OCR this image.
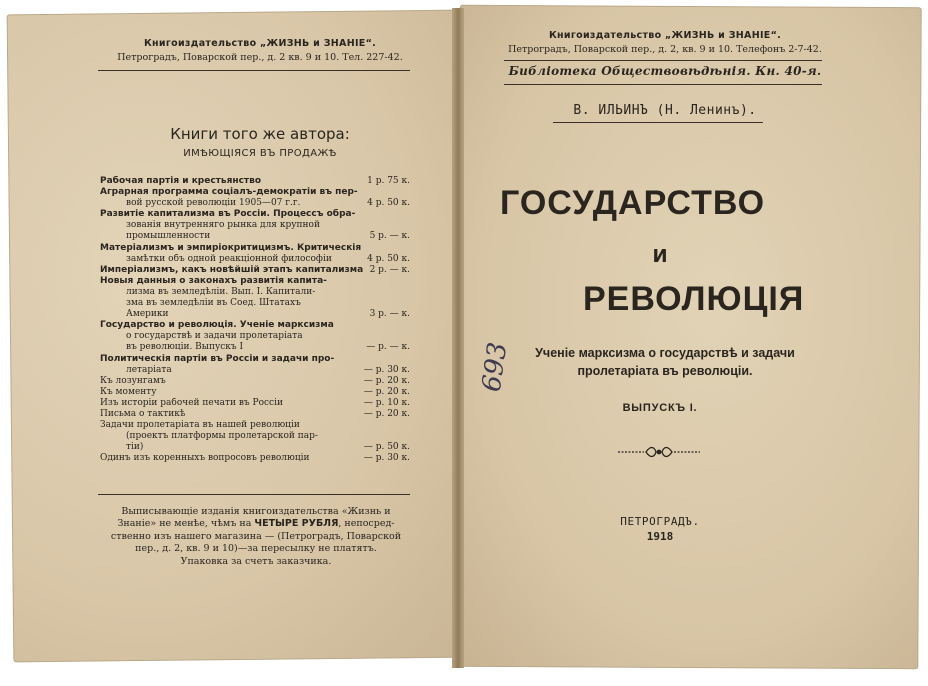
Книгоиздательство „ЖИЗНЬ и ЗНАНIE“.
Петроградъ, Поварской пер., д. 2 кв. 9 и 10. Тел. 227-42.
Книги того же автора:
ИМѢЮЩІЯСЯ ВЪ ПРОДАЖѢ
Рабочая партія и крестьянство	1 р. 75 к.
Аграрная программа соціалъ-демократіи въ пер-
вой русской революціи 1905—07 г.г.	4 р. 50 к.
Развитіе капитализма въ Россіи. Процессъ обра-
зованія внутренняго рынка для крупной
промышленности	5 р. — к.
Матеріализмъ и эмпиріокритицизмъ. Критическія
замѣтки объ одной реакціонной философіи	4 р. 50 к.
Имперіализмъ, какъ новѣйшій этапъ капитализма 2 р. — к.
Новыя данныя о законахъ развитія капита-
лизма въ земледѣліи. Вып. I. Капитали-
зма въ земледѣліи въ Соед. Штатахъ
Америки	3 р. — к.
Государство и революція. Ученіе марксизма
о государствѣ и задачи пролетаріата
въ революціи. Выпускъ I	— р. — к.
Политическія партіи въ Россіи и задачи про-
летаріата	— р. 30 к.
Къ лозунгамъ	— р. 20 к.
Къ моменту	— р. 20 к.
Изъ исторіи рабочей печати въ Россіи	— р. 10 к.
Письма о тактикѣ	— р. 20 к.
Задачи пролетаріата въ нашей революціи
(проектъ платформы пролетарской пар-
тіи)	— р. 50 к.
Одинъ изъ коренныхъ вопросовъ революціи	— р. 30 к.
Выписывающіе изданія книгоиздательства «Жизнь и
Знаніе» не менѣе, чѣмъ на ЧЕТЫРЕ РУБЛЯ, непосред-
ственно изъ нашего магазина — (Петроградъ, Поварской
пер., д. 2, кв. 9 и 10)—за пересылку не платятъ.
Упаковка за счетъ заказчика.
Книгоиздательство „ЖИЗНЬ и ЗНАНIE“.
Петроградъ, Поварской пер., д. 2, кв. 9 и 10. Телефонъ 2-7-42.
Библіотека Обществовѣдѣнія. Кн. 40-я.
В. ИЛЬИНЪ (Н. Ленинъ).
ГОСУДАРСТВО
И
РЕВОЛЮЦІЯ
Ученіе марксизма о государствѣ и задачи
пролетаріата въ революціи.
ВЫПУСКЪ I.
ПЕТРОГРАДЪ.
1918
693
